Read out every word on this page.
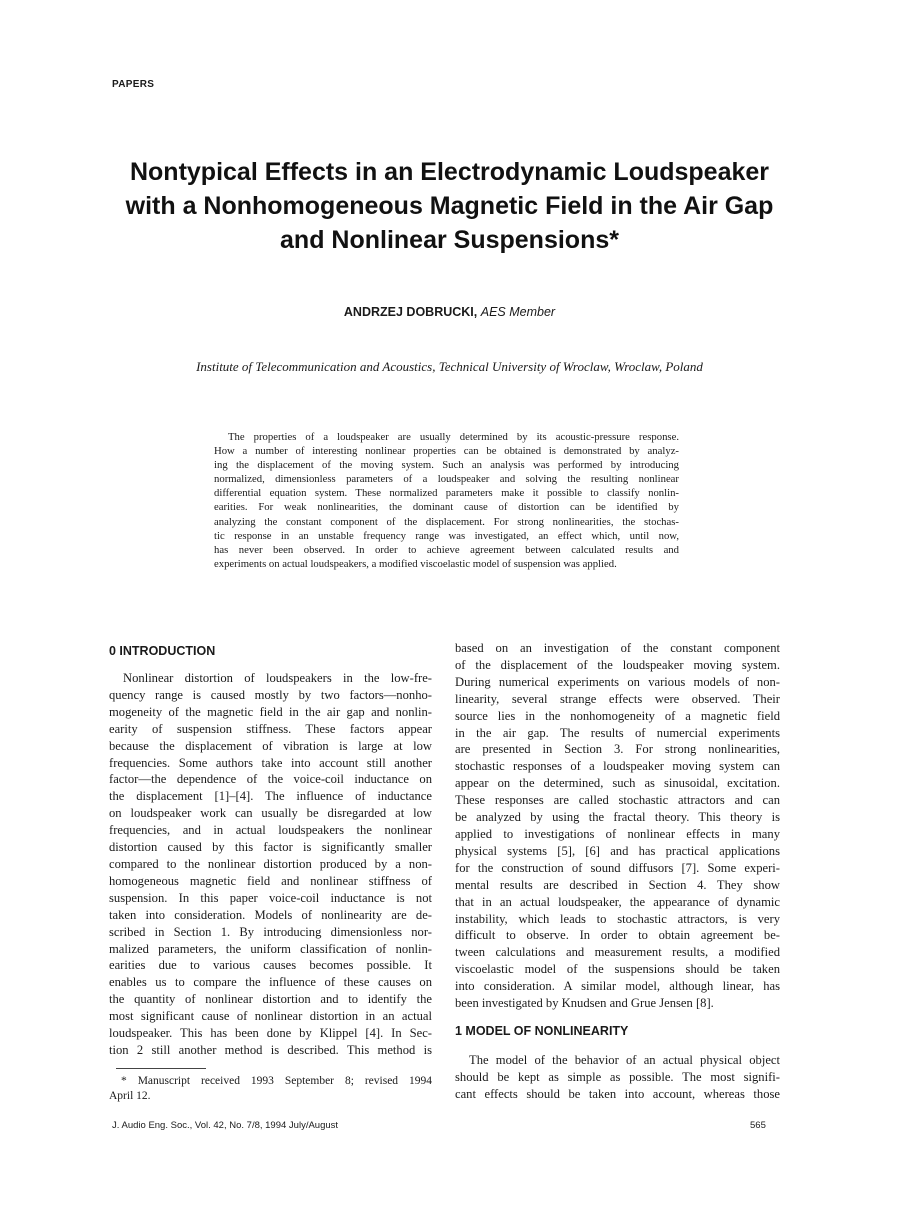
PAPERS
Nontypical Effects in an Electrodynamic Loudspeaker
with a Nonhomogeneous Magnetic Field in the Air Gap
and Nonlinear Suspensions*
ANDRZEJ DOBRUCKI, AES Member
Institute of Telecommunication and Acoustics, Technical University of Wroclaw, Wroclaw, Poland
The properties of a loudspeaker are usually determined by its acoustic-pressure response.
How a number of interesting nonlinear properties can be obtained is demonstrated by analyz-
ing the displacement of the moving system. Such an analysis was performed by introducing
normalized, dimensionless parameters of a loudspeaker and solving the resulting nonlinear
differential equation system. These normalized parameters make it possible to classify nonlin-
earities. For weak nonlinearities, the dominant cause of distortion can be identified by
analyzing the constant component of the displacement. For strong nonlinearities, the stochas-
tic response in an unstable frequency range was investigated, an effect which, until now,
has never been observed. In order to achieve agreement between calculated results and
experiments on actual loudspeakers, a modified viscoelastic model of suspension was applied.
0 INTRODUCTION
Nonlinear distortion of loudspeakers in the low-fre-
quency range is caused mostly by two factors—nonho-
mogeneity of the magnetic field in the air gap and nonlin-
earity of suspension stiffness. These factors appear
because the displacement of vibration is large at low
frequencies. Some authors take into account still another
factor—the dependence of the voice-coil inductance on
the displacement [1]–[4]. The influence of inductance
on loudspeaker work can usually be disregarded at low
frequencies, and in actual loudspeakers the nonlinear
distortion caused by this factor is significantly smaller
compared to the nonlinear distortion produced by a non-
homogeneous magnetic field and nonlinear stiffness of
suspension. In this paper voice-coil inductance is not
taken into consideration. Models of nonlinearity are de-
scribed in Section 1. By introducing dimensionless nor-
malized parameters, the uniform classification of nonlin-
earities due to various causes becomes possible. It
enables us to compare the influence of these causes on
the quantity of nonlinear distortion and to identify the
most significant cause of nonlinear distortion in an actual
loudspeaker. This has been done by Klippel [4]. In Sec-
tion 2 still another method is described. This method is
* Manuscript received 1993 September 8; revised 1994
April 12.
based on an investigation of the constant component
of the displacement of the loudspeaker moving system.
During numerical experiments on various models of non-
linearity, several strange effects were observed. Their
source lies in the nonhomogeneity of a magnetic field
in the air gap. The results of numercial experiments
are presented in Section 3. For strong nonlinearities,
stochastic responses of a loudspeaker moving system can
appear on the determined, such as sinusoidal, excitation.
These responses are called stochastic attractors and can
be analyzed by using the fractal theory. This theory is
applied to investigations of nonlinear effects in many
physical systems [5], [6] and has practical applications
for the construction of sound diffusors [7]. Some experi-
mental results are described in Section 4. They show
that in an actual loudspeaker, the appearance of dynamic
instability, which leads to stochastic attractors, is very
difficult to observe. In order to obtain agreement be-
tween calculations and measurement results, a modified
viscoelastic model of the suspensions should be taken
into consideration. A similar model, although linear, has
been investigated by Knudsen and Grue Jensen [8].
1 MODEL OF NONLINEARITY
The model of the behavior of an actual physical object
should be kept as simple as possible. The most signifi-
cant effects should be taken into account, whereas those
J. Audio Eng. Soc., Vol. 42, No. 7/8, 1994 July/August	565
